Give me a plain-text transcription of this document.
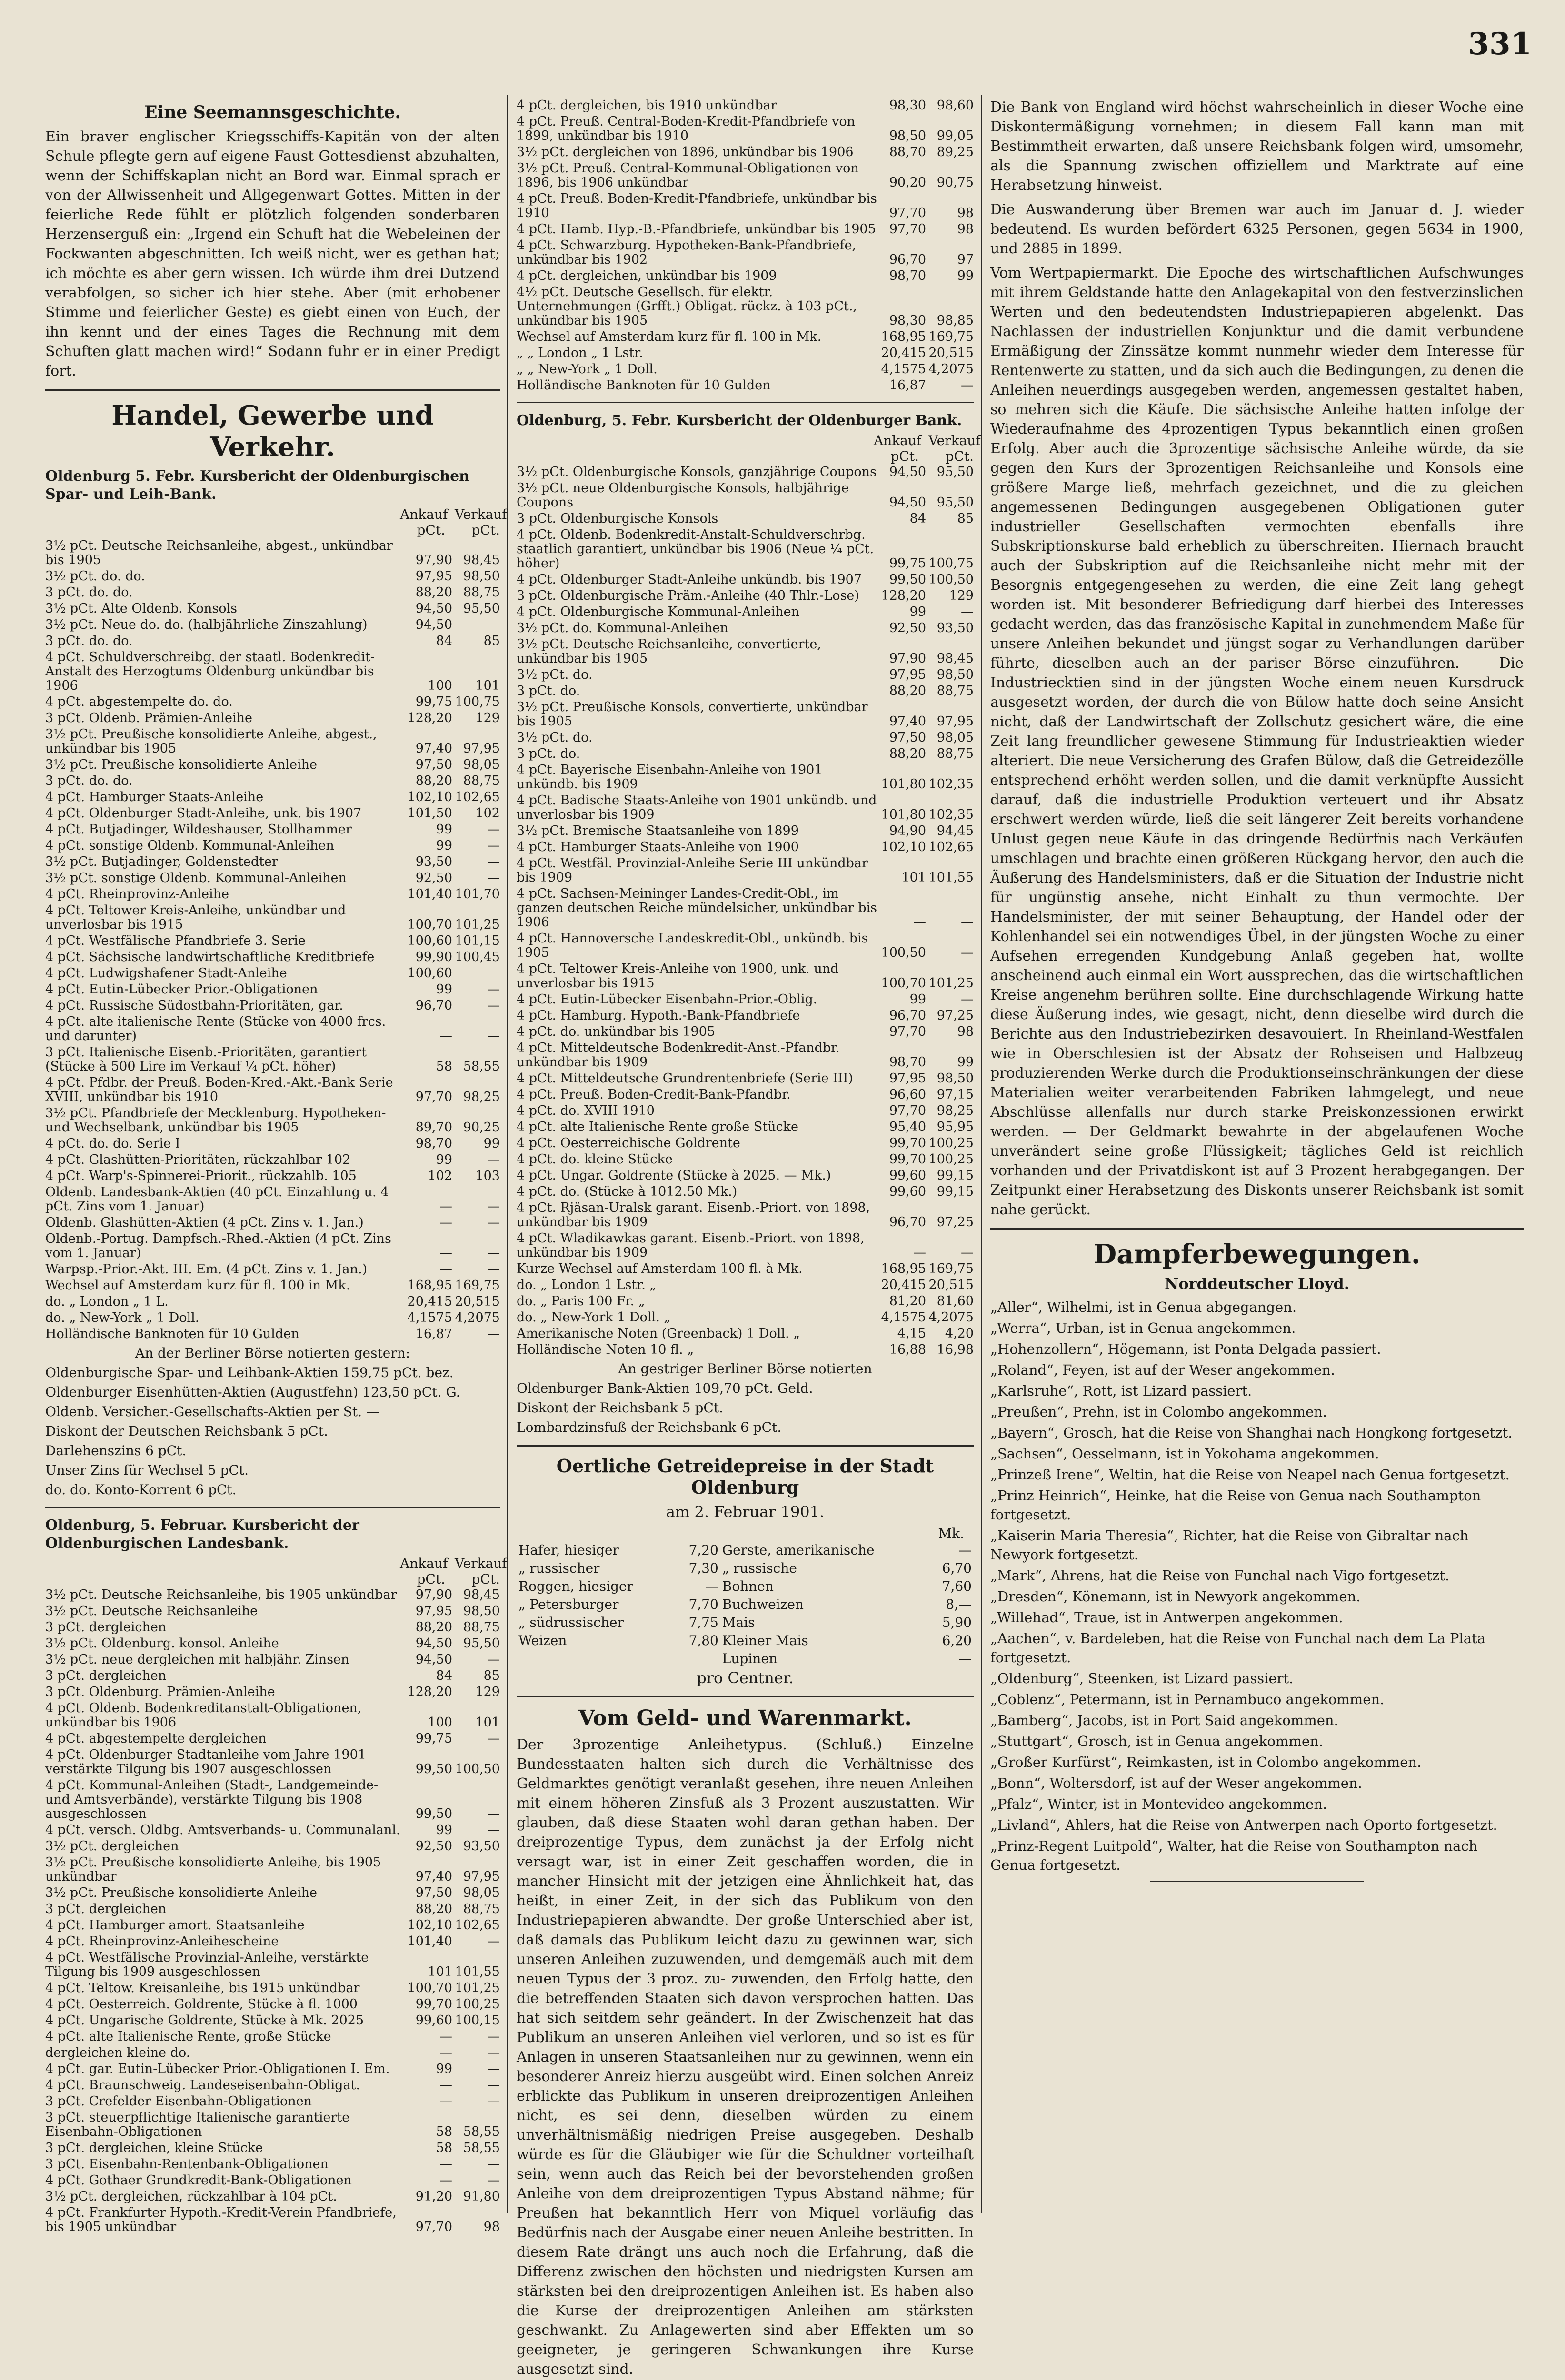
331
Eine Seemannsgeschichte.

Ein braver englischer Kriegsschiffs-Kapitän von der alten Schule pflegte gern auf eigene Faust Gottesdienst abzuhalten, wenn der Schiffskaplan nicht an Bord war. Einmal sprach er von der Allwissenheit und Allgegenwart Gottes. Mitten in der feierliche Rede fühlt er plötzlich folgenden sonderbaren Herzenserguß ein: „Irgend ein Schuft hat die Webeleinen der Fockwanten abgeschnitten. Ich weiß nicht, wer es gethan hat; ich möchte es aber gern wissen. Ich würde ihm drei Dutzend verabfolgen, so sicher ich hier stehe. Aber (mit erhobener Stimme und feierlicher Geste) es giebt einen von Euch, der ihn kennt und der eines Tages die Rechnung mit dem Schuften glatt machen wird!“ Sodann fuhr er in einer Predigt fort.

Handel, Gewerbe und Verkehr.
Oldenburg 5. Febr. Kursbericht der Oldenburgischen Spar- und Leih-Bank.
Ankauf pCt.
Verkauf pCt.
3½ pCt. Deutsche Reichsanleihe, abgest., unkündbar bis 1905	97,90	98,45
3½ pCt. do. do.	97,95	98,50
3 pCt. do. do.	88,20	88,75
3½ pCt. Alte Oldenb. Konsols	94,50	95,50
3½ pCt. Neue do. do. (halbjährliche Zinszahlung)	94,50	
3 pCt. do. do.	84	85
4 pCt. Schuldverschreibg. der staatl. Bodenkredit-Anstalt des Herzogtums Oldenburg unkündbar bis 1906	100	101
4 pCt. abgestempelte do. do.	99,75	100,75
3 pCt. Oldenb. Prämien-Anleihe	128,20	129
3½ pCt. Preußische konsolidierte Anleihe, abgest., unkündbar bis 1905	97,40	97,95
3½ pCt. Preußische konsolidierte Anleihe	97,50	98,05
3 pCt. do. do.	88,20	88,75
4 pCt. Hamburger Staats-Anleihe	102,10	102,65
4 pCt. Oldenburger Stadt-Anleihe, unk. bis 1907	101,50	102
4 pCt. Butjadinger, Wildeshauser, Stollhammer	99	—
4 pCt. sonstige Oldenb. Kommunal-Anleihen	99	—
3½ pCt. Butjadinger, Goldenstedter	93,50	—
3½ pCt. sonstige Oldenb. Kommunal-Anleihen	92,50	—
4 pCt. Rheinprovinz-Anleihe	101,40	101,70
4 pCt. Teltower Kreis-Anleihe, unkündbar und unverlosbar bis 1915	100,70	101,25
4 pCt. Westfälische Pfandbriefe 3. Serie	100,60	101,15
4 pCt. Sächsische landwirtschaftliche Kreditbriefe	99,90	100,45
4 pCt. Ludwigshafener Stadt-Anleihe	100,60	
4 pCt. Eutin-Lübecker Prior.-Obligationen	99	—
4 pCt. Russische Südostbahn-Prioritäten, gar.	96,70	—
4 pCt. alte italienische Rente (Stücke von 4000 frcs. und darunter)	—	—
3 pCt. Italienische Eisenb.-Prioritäten, garantiert (Stücke à 500 Lire im Verkauf ¼ pCt. höher)	58	58,55
4 pCt. Pfdbr. der Preuß. Boden-Kred.-Akt.-Bank Serie XVIII, unkündbar bis 1910	97,70	98,25
3½ pCt. Pfandbriefe der Mecklenburg. Hypotheken- und Wechselbank, unkündbar bis 1905	89,70	90,25
4 pCt. do. do. Serie I	98,70	99
4 pCt. Glashütten-Prioritäten, rückzahlbar 102	99	—
4 pCt. Warp's-Spinnerei-Priorit., rückzahlb. 105	102	103
Oldenb. Landesbank-Aktien (40 pCt. Einzahlung u. 4 pCt. Zins vom 1. Januar)	—	—
Oldenb. Glashütten-Aktien (4 pCt. Zins v. 1. Jan.)	—	—
Oldenb.-Portug. Dampfsch.-Rhed.-Aktien (4 pCt. Zins vom 1. Januar)	—	—
Warpsp.-Prior.-Akt. III. Em. (4 pCt. Zins v. 1. Jan.)	—	—
Wechsel auf Amsterdam kurz für fl. 100 in Mk.	168,95	169,75
do. „ London „ 1 L.	20,415	20,515
do. „ New-York „ 1 Doll.	4,1575	4,2075
Holländische Banknoten für 10 Gulden	16,87	—
An der Berliner Börse notierten gestern:
Oldenburgische Spar- und Leihbank-Aktien 159,75 pCt. bez.
Oldenburger Eisenhütten-Aktien (Augustfehn) 123,50 pCt. G.
Oldenb. Versicher.-Gesellschafts-Aktien per St. —
Diskont der Deutschen Reichsbank 5 pCt.
Darlehenszins 6 pCt.
Unser Zins für Wechsel 5 pCt.
do. do. Konto-Korrent 6 pCt.
Oldenburg, 5. Februar. Kursbericht der Oldenburgischen Landesbank.
Ankauf pCt.
Verkauf pCt.
3½ pCt. Deutsche Reichsanleihe, bis 1905 unkündbar	97,90	98,45
3½ pCt. Deutsche Reichsanleihe	97,95	98,50
3 pCt. dergleichen	88,20	88,75
3½ pCt. Oldenburg. konsol. Anleihe	94,50	95,50
3½ pCt. neue dergleichen mit halbjähr. Zinsen	94,50	—
3 pCt. dergleichen	84	85
3 pCt. Oldenburg. Prämien-Anleihe	128,20	129
4 pCt. Oldenb. Bodenkreditanstalt-Obligationen, unkündbar bis 1906	100	101
4 pCt. abgestempelte dergleichen	99,75	—
4 pCt. Oldenburger Stadtanleihe vom Jahre 1901 verstärkte Tilgung bis 1907 ausgeschlossen	99,50	100,50
4 pCt. Kommunal-Anleihen (Stadt-, Landgemeinde- und Amtsverbände), verstärkte Tilgung bis 1908 ausgeschlossen	99,50	—
4 pCt. versch. Oldbg. Amtsverbands- u. Communalanl.	99	—
3½ pCt. dergleichen	92,50	93,50
3½ pCt. Preußische konsolidierte Anleihe, bis 1905 unkündbar	97,40	97,95
3½ pCt. Preußische konsolidierte Anleihe	97,50	98,05
3 pCt. dergleichen	88,20	88,75
4 pCt. Hamburger amort. Staatsanleihe	102,10	102,65
4 pCt. Rheinprovinz-Anleihescheine	101,40	—
4 pCt. Westfälische Provinzial-Anleihe, verstärkte Tilgung bis 1909 ausgeschlossen	101	101,55
4 pCt. Teltow. Kreisanleihe, bis 1915 unkündbar	100,70	101,25
4 pCt. Oesterreich. Goldrente, Stücke à fl. 1000	99,70	100,25
4 pCt. Ungarische Goldrente, Stücke à Mk. 2025	99,60	100,15
4 pCt. alte Italienische Rente, große Stücke	—	—
dergleichen kleine do.	—	—
4 pCt. gar. Eutin-Lübecker Prior.-Obligationen I. Em.	99	—
4 pCt. Braunschweig. Landeseisenbahn-Obligat.	—	—
3 pCt. Crefelder Eisenbahn-Obligationen	—	—
3 pCt. steuerpflichtige Italienische garantierte Eisenbahn-Obligationen	58	58,55
3 pCt. dergleichen, kleine Stücke	58	58,55
3 pCt. Eisenbahn-Rentenbank-Obligationen	—	—
4 pCt. Gothaer Grundkredit-Bank-Obligationen	—	—
3½ pCt. dergleichen, rückzahlbar à 104 pCt.	91,20	91,80
4 pCt. Frankfurter Hypoth.-Kredit-Verein Pfandbriefe, bis 1905 unkündbar	97,70	98
4 pCt. dergleichen, bis 1910 unkündbar	98,30	98,60
4 pCt. Preuß. Central-Boden-Kredit-Pfandbriefe von 1899, unkündbar bis 1910	98,50	99,05
3½ pCt. dergleichen von 1896, unkündbar bis 1906	88,70	89,25
3½ pCt. Preuß. Central-Kommunal-Obligationen von 1896, bis 1906 unkündbar	90,20	90,75
4 pCt. Preuß. Boden-Kredit-Pfandbriefe, unkündbar bis 1910	97,70	98
4 pCt. Hamb. Hyp.-B.-Pfandbriefe, unkündbar bis 1905	97,70	98
4 pCt. Schwarzburg. Hypotheken-Bank-Pfandbriefe, unkündbar bis 1902	96,70	97
4 pCt. dergleichen, unkündbar bis 1909	98,70	99
4½ pCt. Deutsche Gesellsch. für elektr. Unternehmungen (Grfft.) Obligat. rückz. à 103 pCt., unkündbar bis 1905	98,30	98,85
Wechsel auf Amsterdam kurz für fl. 100 in Mk.	168,95	169,75
„ „ London „ 1 Lstr.	20,415	20,515
„ „ New-York „ 1 Doll.	4,1575	4,2075
Holländische Banknoten für 10 Gulden	16,87	—
Oldenburg, 5. Febr. Kursbericht der Oldenburger Bank.
Ankauf pCt.
Verkauf pCt.
3½ pCt. Oldenburgische Konsols, ganzjährige Coupons	94,50	95,50
3½ pCt. neue Oldenburgische Konsols, halbjährige Coupons	94,50	95,50
3 pCt. Oldenburgische Konsols	84	85
4 pCt. Oldenb. Bodenkredit-Anstalt-Schuldverschrbg. staatlich garantiert, unkündbar bis 1906 (Neue ¼ pCt. höher)	99,75	100,75
4 pCt. Oldenburger Stadt-Anleihe unkündb. bis 1907	99,50	100,50
3 pCt. Oldenburgische Präm.-Anleihe (40 Thlr.-Lose)	128,20	129
4 pCt. Oldenburgische Kommunal-Anleihen	99	—
3½ pCt. do. Kommunal-Anleihen	92,50	93,50
3½ pCt. Deutsche Reichsanleihe, convertierte, unkündbar bis 1905	97,90	98,45
3½ pCt. do.	97,95	98,50
3 pCt. do.	88,20	88,75
3½ pCt. Preußische Konsols, convertierte, unkündbar bis 1905	97,40	97,95
3½ pCt. do.	97,50	98,05
3 pCt. do.	88,20	88,75
4 pCt. Bayerische Eisenbahn-Anleihe von 1901 unkündb. bis 1909	101,80	102,35
4 pCt. Badische Staats-Anleihe von 1901 unkündb. und unverlosbar bis 1909	101,80	102,35
3½ pCt. Bremische Staatsanleihe von 1899	94,90	94,45
4 pCt. Hamburger Staats-Anleihe von 1900	102,10	102,65
4 pCt. Westfäl. Provinzial-Anleihe Serie III unkündbar bis 1909	101	101,55
4 pCt. Sachsen-Meininger Landes-Credit-Obl., im ganzen deutschen Reiche mündelsicher, unkündbar bis 1906	—	—
4 pCt. Hannoversche Landeskredit-Obl., unkündb. bis 1905	100,50	—
4 pCt. Teltower Kreis-Anleihe von 1900, unk. und unverlosbar bis 1915	100,70	101,25
4 pCt. Eutin-Lübecker Eisenbahn-Prior.-Oblig.	99	—
4 pCt. Hamburg. Hypoth.-Bank-Pfandbriefe	96,70	97,25
4 pCt. do. unkündbar bis 1905	97,70	98
4 pCt. Mitteldeutsche Bodenkredit-Anst.-Pfandbr. unkündbar bis 1909	98,70	99
4 pCt. Mitteldeutsche Grundrentenbriefe (Serie III)	97,95	98,50
4 pCt. Preuß. Boden-Credit-Bank-Pfandbr.	96,60	97,15
4 pCt. do. XVIII 1910	97,70	98,25
4 pCt. alte Italienische Rente große Stücke	95,40	95,95
4 pCt. Oesterreichische Goldrente	99,70	100,25
4 pCt. do. kleine Stücke	99,70	100,25
4 pCt. Ungar. Goldrente (Stücke à 2025. — Mk.)	99,60	99,15
4 pCt. do. (Stücke à 1012.50 Mk.)	99,60	99,15
4 pCt. Rjäsan-Uralsk garant. Eisenb.-Priort. von 1898, unkündbar bis 1909	96,70	97,25
4 pCt. Wladikawkas garant. Eisenb.-Priort. von 1898, unkündbar bis 1909	—	—
Kurze Wechsel auf Amsterdam 100 fl. à Mk.	168,95	169,75
do. „ London 1 Lstr. „	20,415	20,515
do. „ Paris 100 Fr. „	81,20	81,60
do. „ New-York 1 Doll. „	4,1575	4,2075
Amerikanische Noten (Greenback) 1 Doll. „	4,15	4,20
Holländische Noten 10 fl. „	16,88	16,98
An gestriger Berliner Börse notierten
Oldenburger Bank-Aktien 109,70 pCt. Geld.
Diskont der Reichsbank 5 pCt.
Lombardzinsfuß der Reichsbank 6 pCt.
Oertliche Getreidepreise in der Stadt Oldenburg
am 2. Februar 1901.
Mk.
Hafer, hiesiger	7,20	Gerste, amerikanische	—
„ russischer	7,30	„ russische	6,70
Roggen, hiesiger	—	Bohnen	7,60
„ Petersburger	7,70	Buchweizen	8,—
„ südrussischer	7,75	Mais	5,90
Weizen	7,80	Kleiner Mais	6,20
		Lupinen	—
pro Centner.
Vom Geld- und Warenmarkt.

Der 3prozentige Anleihetypus. (Schluß.) Einzelne Bundesstaaten halten sich durch die Verhältnisse des Geldmarktes genötigt veranlaßt gesehen, ihre neuen Anleihen mit einem höheren Zinsfuß als 3 Prozent auszustatten. Wir glauben, daß diese Staaten wohl daran gethan haben. Der dreiprozentige Typus, dem zunächst ja der Erfolg nicht versagt war, ist in einer Zeit geschaffen worden, die in mancher Hinsicht mit der jetzigen eine Ähnlichkeit hat, das heißt, in einer Zeit, in der sich das Publikum von den Industriepapieren abwandte. Der große Unterschied aber ist, daß damals das Publikum leicht dazu zu gewinnen war, sich unseren Anleihen zuzuwenden, und demgemäß auch mit dem neuen Typus der 3 proz. zu- zuwenden, den Erfolg hatte, den die betreffenden Staaten sich davon versprochen hatten. Das hat sich seitdem sehr geändert. In der Zwischenzeit hat das Publikum an unseren Anleihen viel verloren, und so ist es für Anlagen in unseren Staatsanleihen nur zu gewinnen, wenn ein besonderer Anreiz hierzu ausgeübt wird. Einen solchen Anreiz erblickte das Publikum in unseren dreiprozentigen Anleihen nicht, es sei denn, dieselben würden zu einem unverhältnismäßig niedrigen Preise ausgegeben. Deshalb würde es für die Gläubiger wie für die Schuldner vorteilhaft sein, wenn auch das Reich bei der bevorstehenden großen Anleihe von dem dreiprozentigen Typus Abstand nähme; für Preußen hat bekanntlich Herr von Miquel vorläufig das Bedürfnis nach der Ausgabe einer neuen Anleihe bestritten. In diesem Rate drängt uns auch noch die Erfahrung, daß die Differenz zwischen den höchsten und niedrigsten Kursen am stärksten bei den dreiprozentigen Anleihen ist. Es haben also die Kurse der dreiprozentigen Anleihen am stärksten geschwankt. Zu Anlagewerten sind aber Effekten um so geeigneter, je geringeren Schwankungen ihre Kurse ausgesetzt sind.

Die Bank von England wird höchst wahrscheinlich in dieser Woche eine Diskontermäßigung vornehmen; in diesem Fall kann man mit Bestimmtheit erwarten, daß unsere Reichsbank folgen wird, umsomehr, als die Spannung zwischen offiziellem und Marktrate auf eine Herabsetzung hinweist.

Die Auswanderung über Bremen war auch im Januar d. J. wieder bedeutend. Es wurden befördert 6325 Personen, gegen 5634 in 1900, und 2885 in 1899.

Vom Wertpapiermarkt. Die Epoche des wirtschaftlichen Aufschwunges mit ihrem Geldstande hatte den Anlagekapital von den festverzinslichen Werten und den bedeutendsten Industriepapieren abgelenkt. Das Nachlassen der industriellen Konjunktur und die damit verbundene Ermäßigung der Zinssätze kommt nunmehr wieder dem Interesse für Rentenwerte zu statten, und da sich auch die Bedingungen, zu denen die Anleihen neuerdings ausgegeben werden, angemessen gestaltet haben, so mehren sich die Käufe. Die sächsische Anleihe hatten infolge der Wiederaufnahme des 4prozentigen Typus bekanntlich einen großen Erfolg. Aber auch die 3prozentige sächsische Anleihe würde, da sie gegen den Kurs der 3prozentigen Reichsanleihe und Konsols eine größere Marge ließ, mehrfach gezeichnet, und die zu gleichen angemessenen Bedingungen ausgegebenen Obligationen guter industrieller Gesellschaften vermochten ebenfalls ihre Subskriptionskurse bald erheblich zu überschreiten. Hiernach braucht auch der Subskription auf die Reichsanleihe nicht mehr mit der Besorgnis entgegengesehen zu werden, die eine Zeit lang gehegt worden ist. Mit besonderer Befriedigung darf hierbei des Interesses gedacht werden, das das französische Kapital in zunehmendem Maße für unsere Anleihen bekundet und jüngst sogar zu Verhandlungen darüber führte, dieselben auch an der pariser Börse einzuführen. — Die Industriecktien sind in der jüngsten Woche einem neuen Kursdruck ausgesetzt worden, der durch die von Bülow hatte doch seine Ansicht nicht, daß der Landwirtschaft der Zollschutz gesichert wäre, die eine Zeit lang freundlicher gewesene Stimmung für Industrieaktien wieder alteriert. Die neue Versicherung des Grafen Bülow, daß die Getreidezölle entsprechend erhöht werden sollen, und die damit verknüpfte Aussicht darauf, daß die industrielle Produktion verteuert und ihr Absatz erschwert werden würde, ließ die seit längerer Zeit bereits vorhandene Unlust gegen neue Käufe in das dringende Bedürfnis nach Verkäufen umschlagen und brachte einen größeren Rückgang hervor, den auch die Äußerung des Handelsministers, daß er die Situation der Industrie nicht für ungünstig ansehe, nicht Einhalt zu thun vermochte. Der Handelsminister, der mit seiner Behauptung, der Handel oder der Kohlenhandel sei ein notwendiges Übel, in der jüngsten Woche zu einer Aufsehen erregenden Kundgebung Anlaß gegeben hat, wollte anscheinend auch einmal ein Wort aussprechen, das die wirtschaftlichen Kreise angenehm berühren sollte. Eine durchschlagende Wirkung hatte diese Äußerung indes, wie gesagt, nicht, denn dieselbe wird durch die Berichte aus den Industriebezirken desavouiert. In Rheinland-Westfalen wie in Oberschlesien ist der Absatz der Rohseisen und Halbzeug produzierenden Werke durch die Produktionseinschränkungen der diese Materialien weiter verarbeitenden Fabriken lahmgelegt, und neue Abschlüsse allenfalls nur durch starke Preiskonzessionen erwirkt werden. — Der Geldmarkt bewahrte in der abgelaufenen Woche unverändert seine große Flüssigkeit; tägliches Geld ist reichlich vorhanden und der Privatdiskont ist auf 3 Prozent herabgegangen. Der Zeitpunkt einer Herabsetzung des Diskonts unserer Reichsbank ist somit nahe gerückt.

Dampferbewegungen.
Norddeutscher Lloyd.
„Aller“, Wilhelmi, ist in Genua abgegangen.
„Werra“, Urban, ist in Genua angekommen.
„Hohenzollern“, Högemann, ist Ponta Delgada passiert.
„Roland“, Feyen, ist auf der Weser angekommen.
„Karlsruhe“, Rott, ist Lizard passiert.
„Preußen“, Prehn, ist in Colombo angekommen.
„Bayern“, Grosch, hat die Reise von Shanghai nach Hongkong fortgesetzt.
„Sachsen“, Oesselmann, ist in Yokohama angekommen.
„Prinzeß Irene“, Weltin, hat die Reise von Neapel nach Genua fortgesetzt.
„Prinz Heinrich“, Heinke, hat die Reise von Genua nach Southampton fortgesetzt.
„Kaiserin Maria Theresia“, Richter, hat die Reise von Gibraltar nach Newyork fortgesetzt.
„Mark“, Ahrens, hat die Reise von Funchal nach Vigo fortgesetzt.
„Dresden“, Könemann, ist in Newyork angekommen.
„Willehad“, Traue, ist in Antwerpen angekommen.
„Aachen“, v. Bardeleben, hat die Reise von Funchal nach dem La Plata fortgesetzt.
„Oldenburg“, Steenken, ist Lizard passiert.
„Coblenz“, Petermann, ist in Pernambuco angekommen.
„Bamberg“, Jacobs, ist in Port Said angekommen.
„Stuttgart“, Grosch, ist in Genua angekommen.
„Großer Kurfürst“, Reimkasten, ist in Colombo angekommen.
„Bonn“, Woltersdorf, ist auf der Weser angekommen.
„Pfalz“, Winter, ist in Montevideo angekommen.
„Livland“, Ahlers, hat die Reise von Antwerpen nach Oporto fortgesetzt.
„Prinz-Regent Luitpold“, Walter, hat die Reise von Southampton nach Genua fortgesetzt.
